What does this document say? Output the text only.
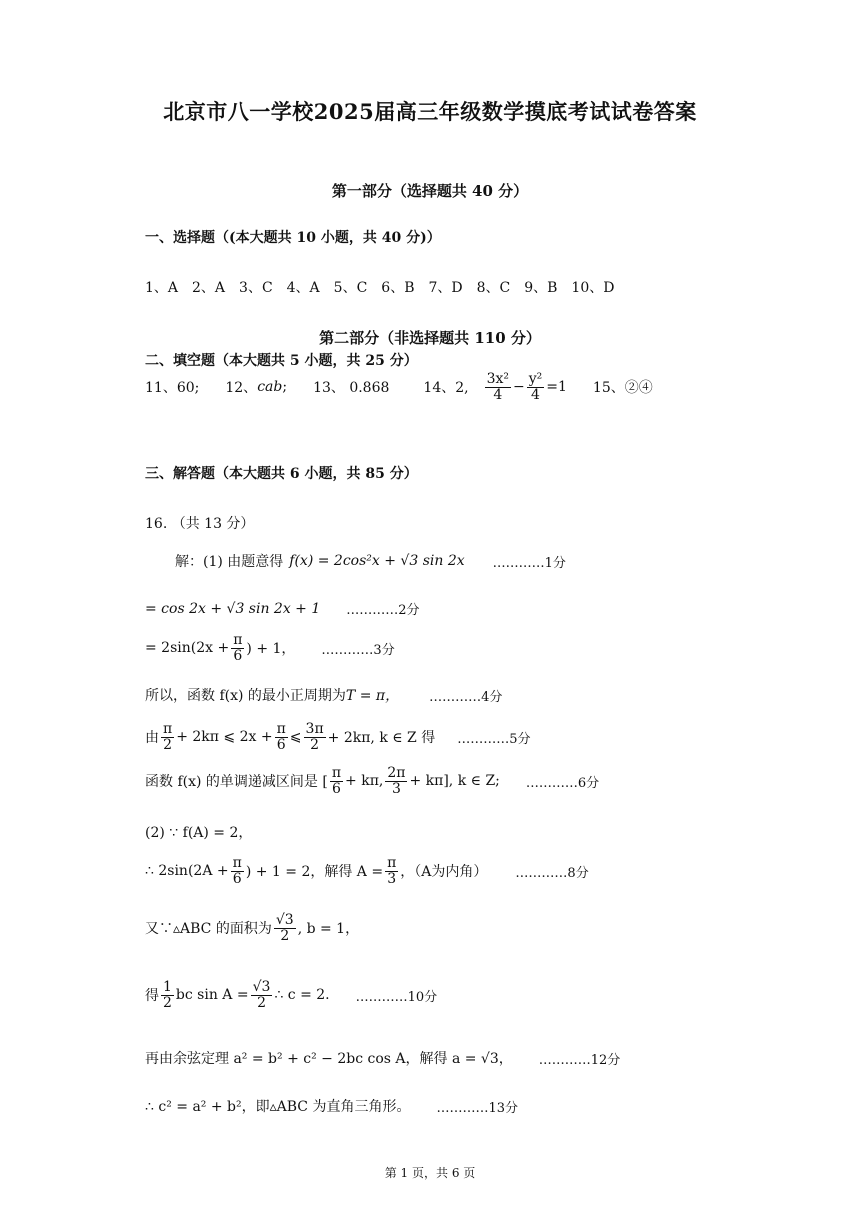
北京市八一学校2025届高三年级数学摸底考试试卷答案
第一部分（选择题共 40 分）
一、选择题（(本大题共 10 小题，共 40 分)）
1、A　2、A　3、C　4、A　5、C　6、B　7、D　8、C　9、B　10、D
第二部分（非选择题共 110 分）
二、填空题（本大题共 5 小题，共 25 分）
11、60; 12、 cab ; 13、 0.868 14、2, $\frac{\text{3x²}}{4} - \frac{\text{y²}}{4} =1$ 15、②④
三、解答题（本大题共 6 小题，共 85 分）
16. （共 13 分）
解：(1) 由题意得 f(x) = 2cos²x + √3 sin 2x …………1分
= cos 2x + √3 sin 2x + 1 …………2分
= $2\sin(2x + \frac{\pi}{6}$ ) + 1， …………3分
所以，函数 f(x) 的最小正周期为 T = π， …………4分
由 $\frac{\pi}{2} + 2k\pi$ ⩽ $2x + \frac{\pi}{6}$ ⩽ $\frac{3\pi}{2} + 2k\pi$, k ∈ Z 得 …………5分
函数 f(x) 的单调递减区间是 [ $\frac{\pi}{6} + k\pi$, $\frac{2\pi}{3} + k\pi$], k ∈ Z; …………6分
(2) ∵ f(A) = 2，
∴ $2\sin(2A + \frac{\pi}{6}$ ) + 1 = 2，解得 $A = \frac{\pi}{3}$ ，（A为内角） …………8分
又∵▵ABC 的面积为 $\frac{√3}{2}$ , b = 1，
得 $\frac{1}{2}$ bc $\sin A = \frac{√3}{2}$ ∴ c = 2. …………10分
再由余弦定理 a² = b² + c² − 2bc cos A，解得 a = √3， …………12分
∴ c² = a² + b²，即▵ABC 为直角三角形。 …………13分
第 1 页，共 6 页
